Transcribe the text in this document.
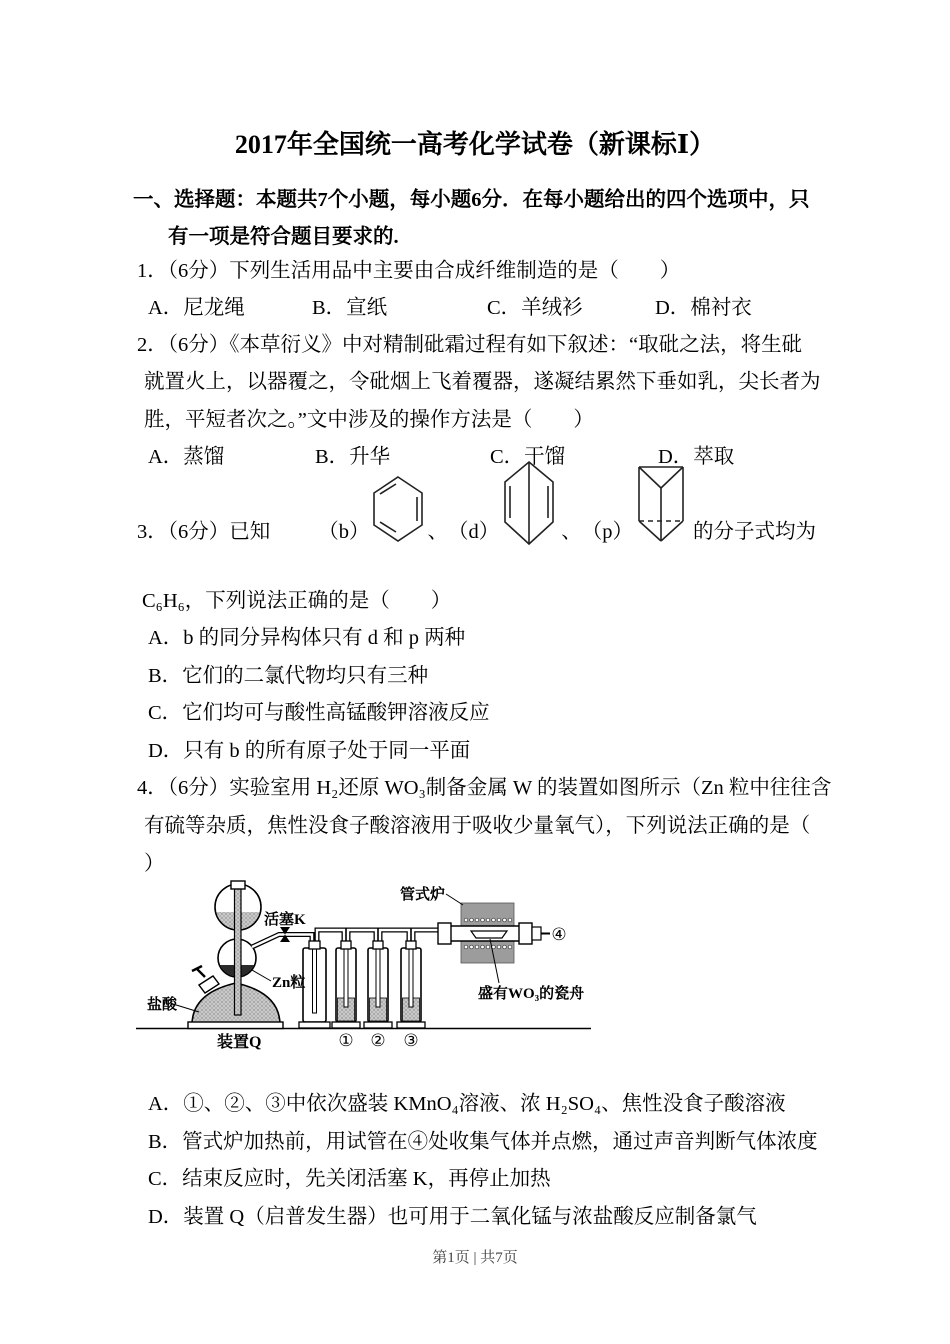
2017年全国统一高考化学试卷（新课标Ⅰ）
一、选择题：本题共7个小题，每小题6分．在每小题给出的四个选项中，只
有一项是符合题目要求的.
1．（6分）下列生活用品中主要由合成纤维制造的是（　　）
A．尼龙绳	B．宣纸	C．羊绒衫	D．棉衬衣
2．（6分）《本草衍义》中对精制砒霜过程有如下叙述：“取砒之法，将生砒
就置火上，以器覆之，令砒烟上飞着覆器，遂凝结累然下垂如乳，尖长者为
胜，平短者次之。”文中涉及的操作方法是（　　）
A．蒸馏	B．升华	C．干馏	D．萃取
3．（6分）已知 （b）	、 （d）	、 （p）	的分子式均为
C₆H₆，下列说法正确的是（　　）
A．b 的同分异构体只有 d 和 p 两种
B．它们的二氯代物均只有三种
C．它们均可与酸性高锰酸钾溶液反应
D．只有 b 的所有原子处于同一平面
4．（6分）实验室用 H₂还原 WO₃制备金属 W 的装置如图所示（Zn 粒中往往含
有硫等杂质，焦性没食子酸溶液用于吸收少量氧气），下列说法正确的是（
）
活塞K
管式炉
Zn粒
盐酸
装置Q
盛有WO₃的瓷舟
① ② ③
④
A．①、②、③中依次盛装 KMnO₄溶液、浓 H₂SO₄、焦性没食子酸溶液
B．管式炉加热前，用试管在④处收集气体并点燃，通过声音判断气体浓度
C．结束反应时，先关闭活塞 K，再停止加热
D．装置 Q（启普发生器）也可用于二氧化锰与浓盐酸反应制备氯气
第1页 | 共7页
